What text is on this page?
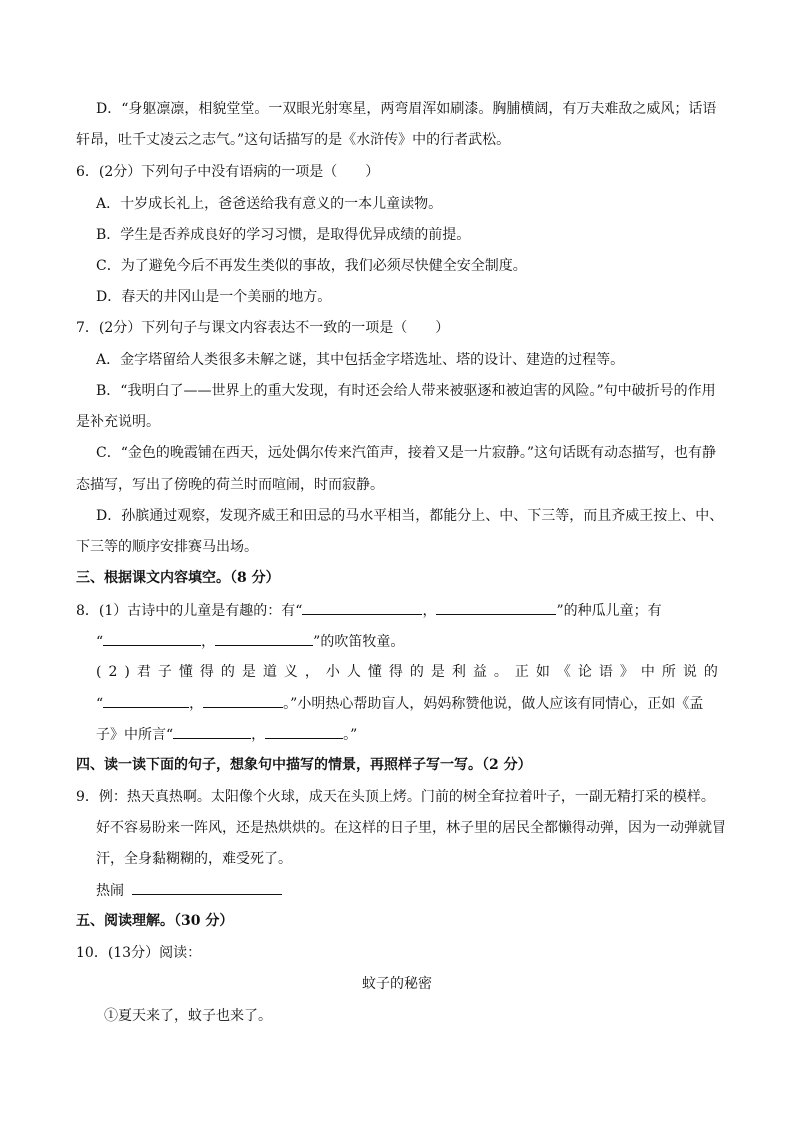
D．“身躯凛凛，相貌堂堂。一双眼光射寒星，两弯眉浑如刷漆。胸脯横阔，有万夫难敌之威风；话语
轩昂，吐千丈凌云之志气。”这句话描写的是《水浒传》中的行者武松。
6．(2分）下列句子中没有语病的一项是（　　）
A．十岁成长礼上，爸爸送给我有意义的一本儿童读物。
B．学生是否养成良好的学习习惯，是取得优异成绩的前提。
C．为了避免今后不再发生类似的事故，我们必须尽快健全安全制度。
D．春天的井冈山是一个美丽的地方。
7．(2分）下列句子与课文内容表达不一致的一项是（　　）
A．金字塔留给人类很多未解之谜，其中包括金字塔选址、塔的设计、建造的过程等。
B．“我明白了——世界上的重大发现，有时还会给人带来被驱逐和被迫害的风险。”句中破折号的作用
是补充说明。
C．“金色的晚霞铺在西天，远处偶尔传来汽笛声，接着又是一片寂静。”这句话既有动态描写，也有静
态描写，写出了傍晚的荷兰时而喧闹，时而寂静。
D．孙膑通过观察，发现齐威王和田忌的马水平相当，都能分上、中、下三等，而且齐威王按上、中、
下三等的顺序安排赛马出场。
三、根据课文内容填空。（8 分）
8．(1）古诗中的儿童是有趣的：有“	，	”的种瓜儿童；有
“	，	”的吹笛牧童。
( 2 ) 君 子 懂 得 的 是 道 义 ， 小 人 懂 得 的 是 利 益 。 正 如 《 论 语 》 中 所 说 的
“	，	。”小明热心帮助盲人，妈妈称赞他说，做人应该有同情心，正如《孟
子》中所言“	，	。”
四、读一读下面的句子，想象句中描写的情景，再照样子写一写。（2 分）
9．例：热天真热啊。太阳像个火球，成天在头顶上烤。门前的树全耷拉着叶子，一副无精打采的模样。
好不容易盼来一阵风，还是热烘烘的。在这样的日子里，林子里的居民全都懒得动弹，因为一动弹就冒
汗，全身黏糊糊的，难受死了。
热闹
五、阅读理解。（30 分）
10．(13分）阅读：
蚊子的秘密
①夏天来了，蚊子也来了。
